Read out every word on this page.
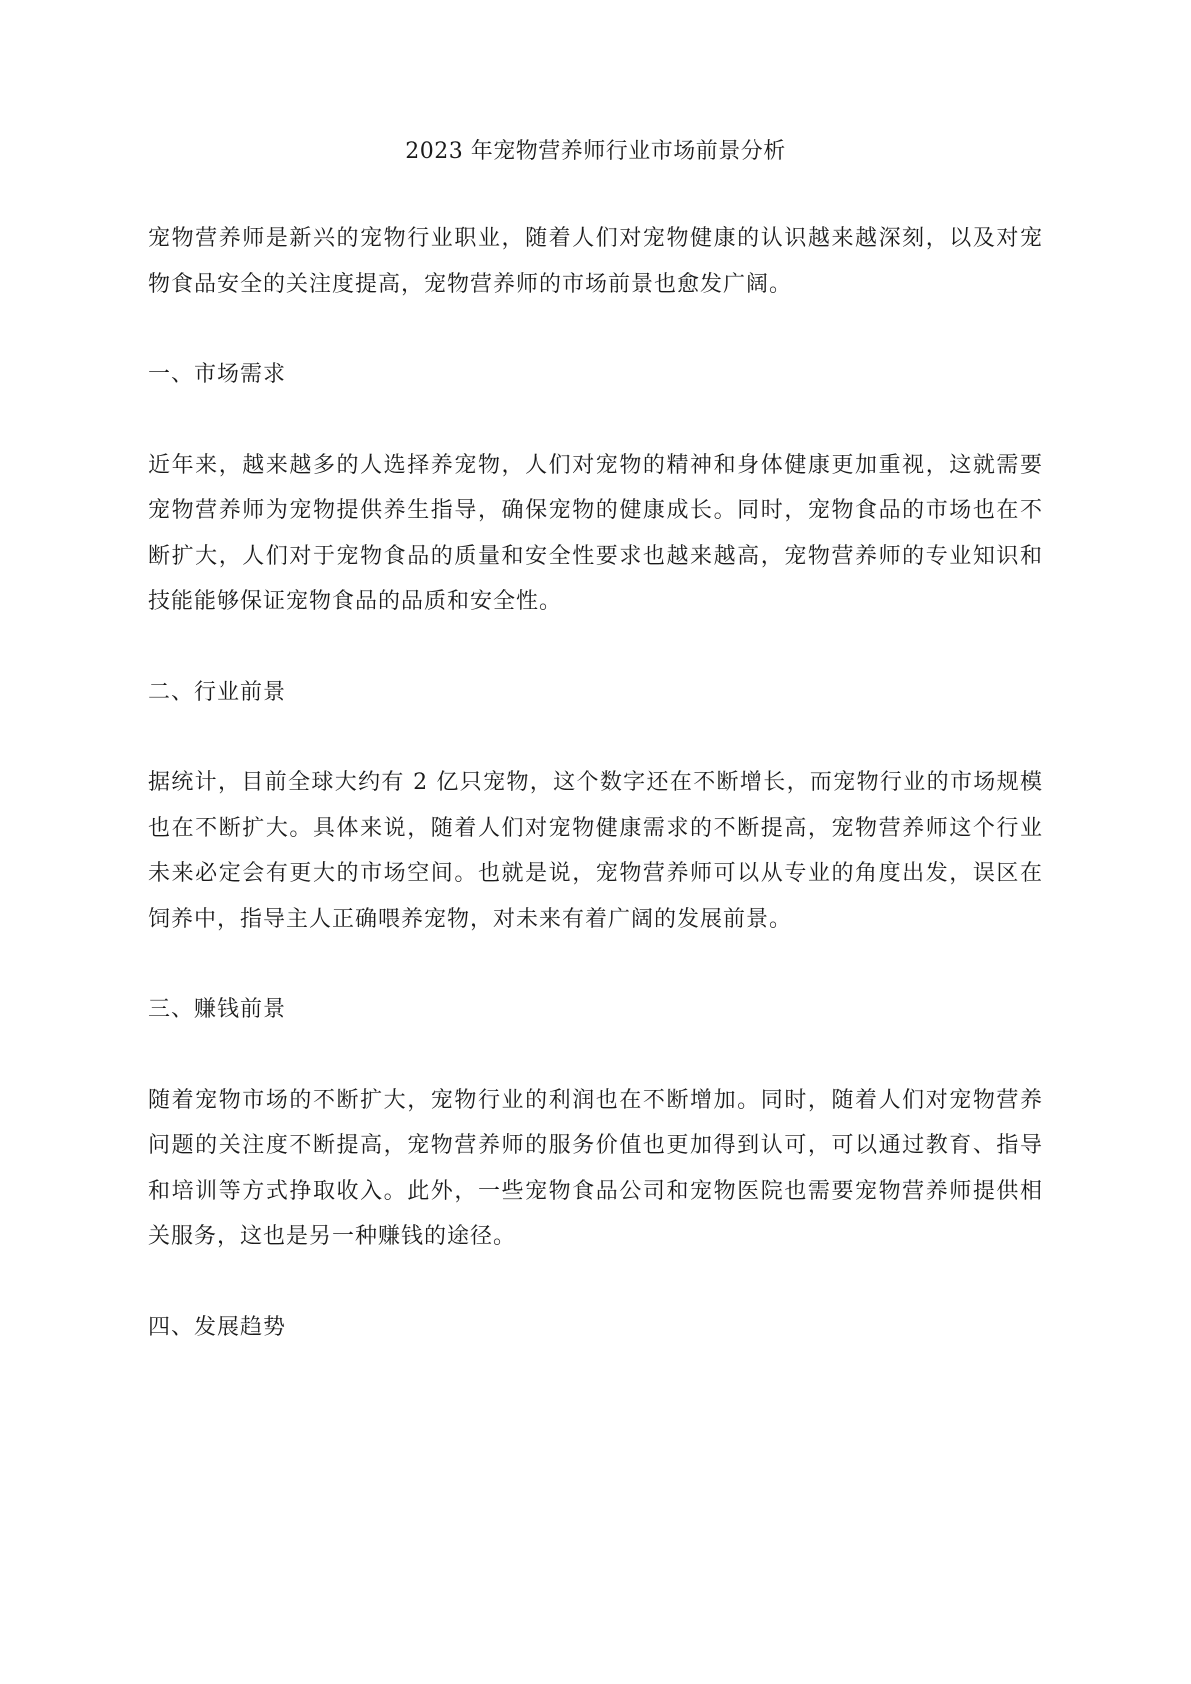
2023 年宠物营养师行业市场前景分析

宠物营养师是新兴的宠物行业职业，随着人们对宠物健康的认识越来越深刻，以及对宠物食品安全的关注度提高，宠物营养师的市场前景也愈发广阔。

一、市场需求

近年来，越来越多的人选择养宠物，人们对宠物的精神和身体健康更加重视，这就需要宠物营养师为宠物提供养生指导，确保宠物的健康成长。同时，宠物食品的市场也在不断扩大，人们对于宠物食品的质量和安全性要求也越来越高，宠物营养师的专业知识和技能能够保证宠物食品的品质和安全性。

二、行业前景

据统计，目前全球大约有 2 亿只宠物，这个数字还在不断增长，而宠物行业的市场规模也在不断扩大。具体来说，随着人们对宠物健康需求的不断提高，宠物营养师这个行业未来必定会有更大的市场空间。也就是说，宠物营养师可以从专业的角度出发，误区在饲养中，指导主人正确喂养宠物，对未来有着广阔的发展前景。

三、赚钱前景

随着宠物市场的不断扩大，宠物行业的利润也在不断增加。同时，随着人们对宠物营养问题的关注度不断提高，宠物营养师的服务价值也更加得到认可，可以通过教育、指导和培训等方式挣取收入。此外，一些宠物食品公司和宠物医院也需要宠物营养师提供相关服务，这也是另一种赚钱的途径。

四、发展趋势
